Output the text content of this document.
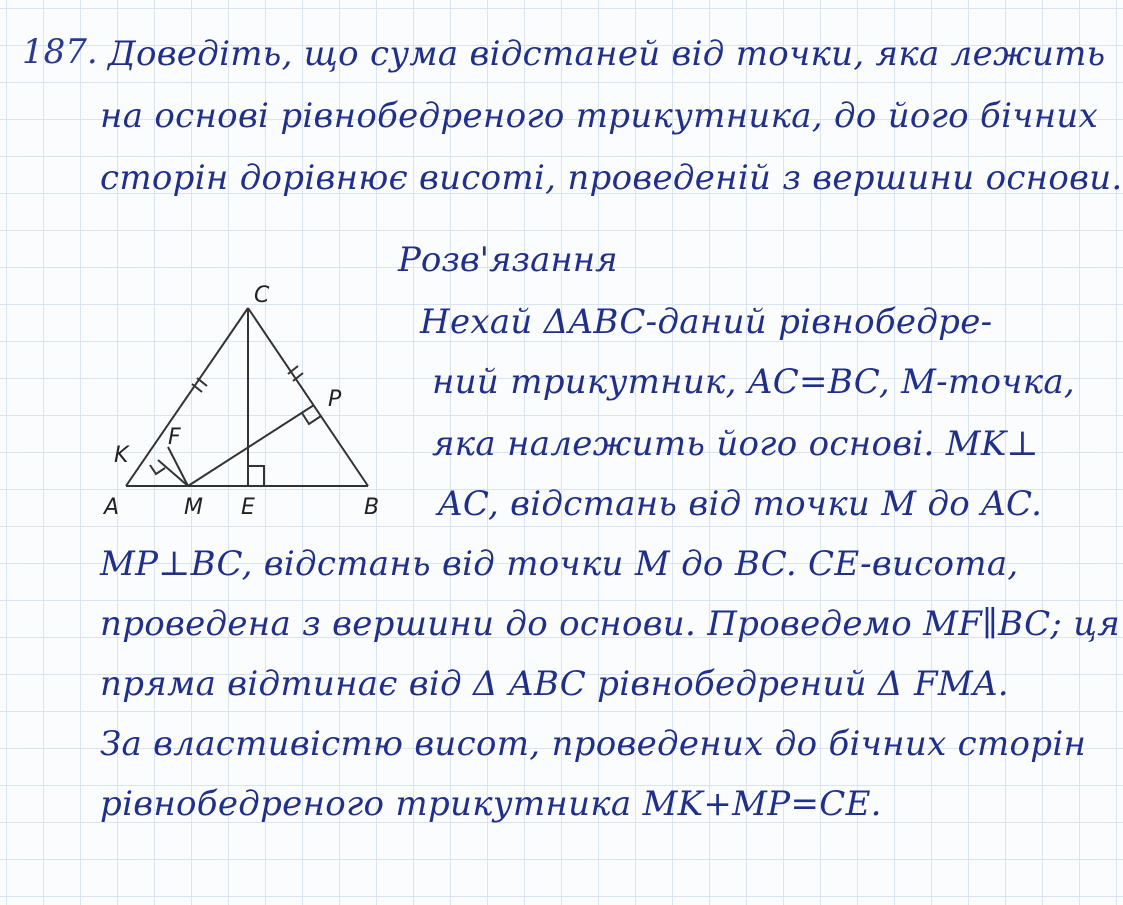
187. Доведіть, що сума відстаней від точки, яка лежить
на основі рівнобедреного трикутника, до його бічних
сторін дорівнює висоті, проведеній з вершини основи.
Розв'язання
Нехай ΔABC-даний рівнобедре-
ний трикутник, AC=BC, M-точка,
яка належить його основі. MK⊥
AC, відстань від точки M до AC.
MP⊥BC, відстань від точки M до BC. CE-висота,
проведена з вершини до основи. Проведемо MF∥BC; ця
пряма відтинає від Δ ABC рівнобедрений Δ FMA.
За властивістю висот, проведених до бічних сторін
рівнобедреного трикутника MK+MP=CE.
C
P
K
F
A	M E	B
